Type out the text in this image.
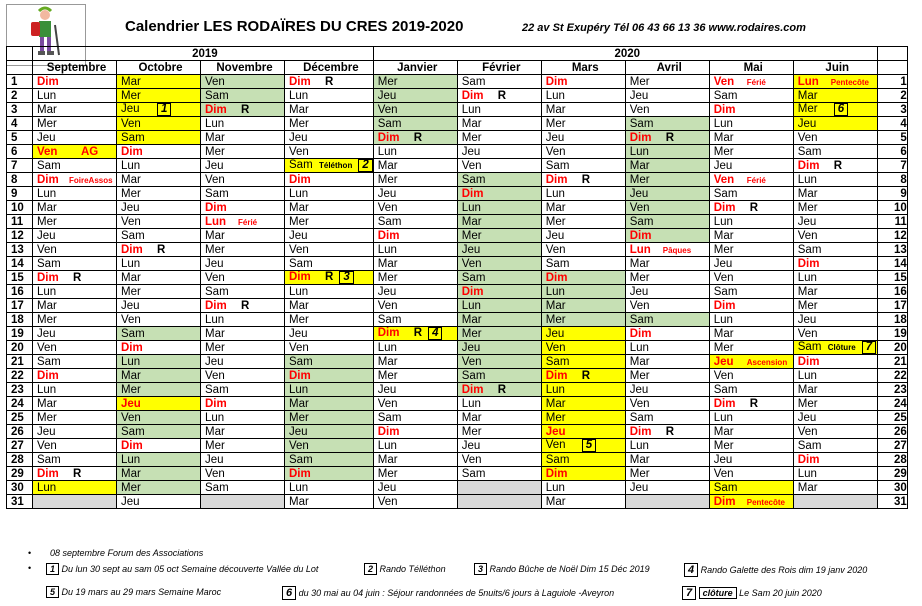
Calendrier LES RODAÏRES DU CRES 2019-2020	22 av St Exupéry Tél 06 43 66 13 36 www.rodaires.com
	2019				2020						
	Septembre	Octobre	Novembre	Décembre	Janvier	Février	Mars	Avril	Mai	Juin	
1	Dim	Mar	Ven	Dim R	Mer	Sam	Dim	Mer	Ven Férié	Lun Pentecôte	1
2	Lun	Mer	Sam	Lun	Jeu	Dim R	Lun	Jeu	Sam	Mar	2
3	Mar	Jeu 1	Dim R	Mar	Ven	Lun	Mar	Ven	Dim	Mer 6	3
4	Mer	Ven	Lun	Mer	Sam	Mar	Mer	Sam	Lun	Jeu	4
5	Jeu	Sam	Mar	Jeu	Dim R	Mer	Jeu	Dim R	Mar	Ven	5
6	Ven AG	Dim	Mer	Ven	Lun	Jeu	Ven	Lun	Mer	Sam	6
7	Sam	Lun	Jeu	Sam Téléthon 2	Mar	Ven	Sam	Mar	Jeu	Dim R	7
8	Dim FoireAssos	Mar	Ven	Dim	Mer	Sam	Dim R	Mer	Ven Férié	Lun	8
9	Lun	Mer	Sam	Lun	Jeu	Dim	Lun	Jeu	Sam	Mar	9
10	Mar	Jeu	Dim	Mar	Ven	Lun	Mar	Ven	Dim R	Mer	10
11	Mer	Ven	Lun Férié	Mer	Sam	Mar	Mer	Sam	Lun	Jeu	11
12	Jeu	Sam	Mar	Jeu	Dim	Mer	Jeu	Dim	Mar	Ven	12
13	Ven	Dim R	Mer	Ven	Lun	Jeu	Ven	Lun Pâques	Mer	Sam	13
14	Sam	Lun	Jeu	Sam	Mar	Ven	Sam	Mar	Jeu	Dim	14
15	Dim R	Mar	Ven	Dim R 3	Mer	Sam	Dim	Mer	Ven	Lun	15
16	Lun	Mer	Sam	Lun	Jeu	Dim	Lun	Jeu	Sam	Mar	16
17	Mar	Jeu	Dim R	Mar	Ven	Lun	Mar	Ven	Dim	Mer	17
18	Mer	Ven	Lun	Mer	Sam	Mar	Mer	Sam	Lun	Jeu	18
19	Jeu	Sam	Mar	Jeu	Dim R 4	Mer	Jeu	Dim	Mar	Ven	19
20	Ven	Dim	Mer	Ven	Lun	Jeu	Ven	Lun	Mer	Sam Clôture 7	20
21	Sam	Lun	Jeu	Sam	Mar	Ven	Sam	Mar	Jeu Ascension	Dim	21
22	Dim	Mar	Ven	Dim	Mer	Sam	Dim R	Mer	Ven	Lun	22
23	Lun	Mer	Sam	Lun	Jeu	Dim R	Lun	Jeu	Sam	Mar	23
24	Mar	Jeu	Dim	Mar	Ven	Lun	Mar	Ven	Dim R	Mer	24
25	Mer	Ven	Lun	Mer	Sam	Mar	Mer	Sam	Lun	Jeu	25
26	Jeu	Sam	Mar	Jeu	Dim	Mer	Jeu	Dim R	Mar	Ven	26
27	Ven	Dim	Mer	Ven	Lun	Jeu	Ven 5	Lun	Mer	Sam	27
28	Sam	Lun	Jeu	Sam	Mar	Ven	Sam	Mar	Jeu	Dim	28
29	Dim R	Mar	Ven	Dim	Mer	Sam	Dim	Mer	Ven	Lun	29
30	Lun	Mer	Sam	Lun	Jeu		Lun	Jeu	Sam	Mar	30
31		Jeu		Mar	Ven		Mar		Dim Pentecôte		31
• 08 septembre Forum des Associations
•	1 Du lun 30 sept au sam 05 oct Semaine découverte Vallée du Lot	2 Rando Télléthon	3 Rando Bûche de Noël Dim 15 Déc 2019	4 Rando Galette des Rois dim 19 janv 2020
5 Du 19 mars au 29 mars Semaine Maroc	6 du 30 mai au 04 juin : Séjour randonnées de 5nuits/6 jours à Laguiole -Aveyron	7 clôture Le Sam 20 juin 2020
